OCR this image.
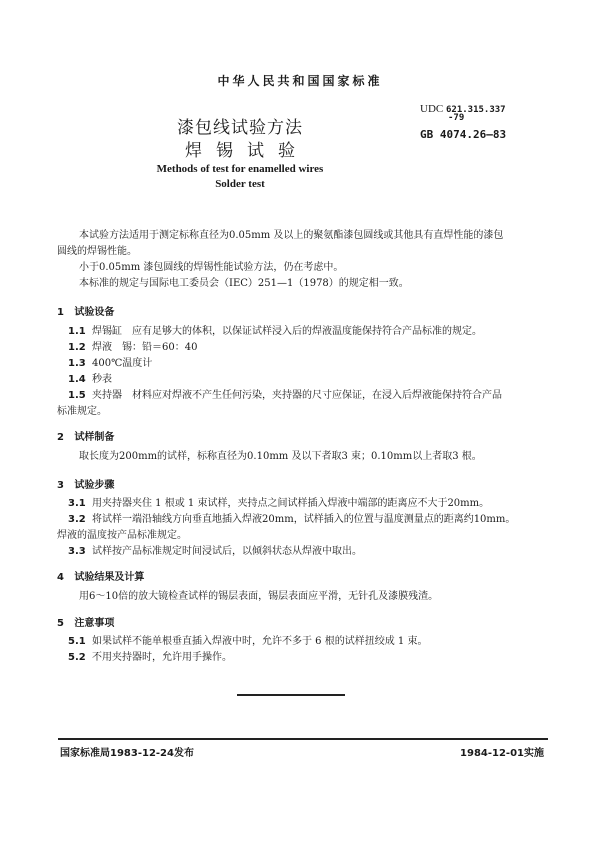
中华人民共和国国家标准
漆包线试验方法
焊锡试验
UDC 621.315.337
-79
GB 4074.26—83
Methods of test for enamelled wires
Solder test
本试验方法适用于测定标称直径为0.05mm 及以上的聚氨酯漆包圆线或其他具有直焊性能的漆包
圆线的焊锡性能。
小于0.05mm 漆包圆线的焊锡性能试验方法，仍在考虑中。
本标准的规定与国际电工委员会（IEC）251—1（1978）的规定相一致。
1 试验设备
1.1 焊锡缸　应有足够大的体积，以保证试样浸入后的焊液温度能保持符合产品标准的规定。
1.2 焊液　锡：铅＝60：40
1.3 400℃温度计
1.4 秒表
1.5 夹持器　材料应对焊液不产生任何污染，夹持器的尺寸应保证，在浸入后焊液能保持符合产品
标准规定。
2 试样制备
取长度为200mm的试样，标称直径为0.10mm 及以下者取3 束；0.10mm以上者取3 根。
3 试验步骤
3.1 用夹持器夹住 1 根或 1 束试样，夹持点之间试样插入焊液中端部的距离应不大于20mm。
3.2 将试样一端沿轴线方向垂直地插入焊液20mm，试样插入的位置与温度测量点的距离约10mm。
焊液的温度按产品标准规定。
3.3 试样按产品标准规定时间浸试后，以倾斜状态从焊液中取出。
4 试验结果及计算
用6～10倍的放大镜检查试样的锡层表面，锡层表面应平滑，无针孔及漆膜残渣。
5 注意事项
5.1 如果试样不能单根垂直插入焊液中时，允许不多于 6 根的试样扭绞成 1 束。
5.2 不用夹持器时，允许用手操作。
国家标准局1983-12-24发布	1984-12-01实施
